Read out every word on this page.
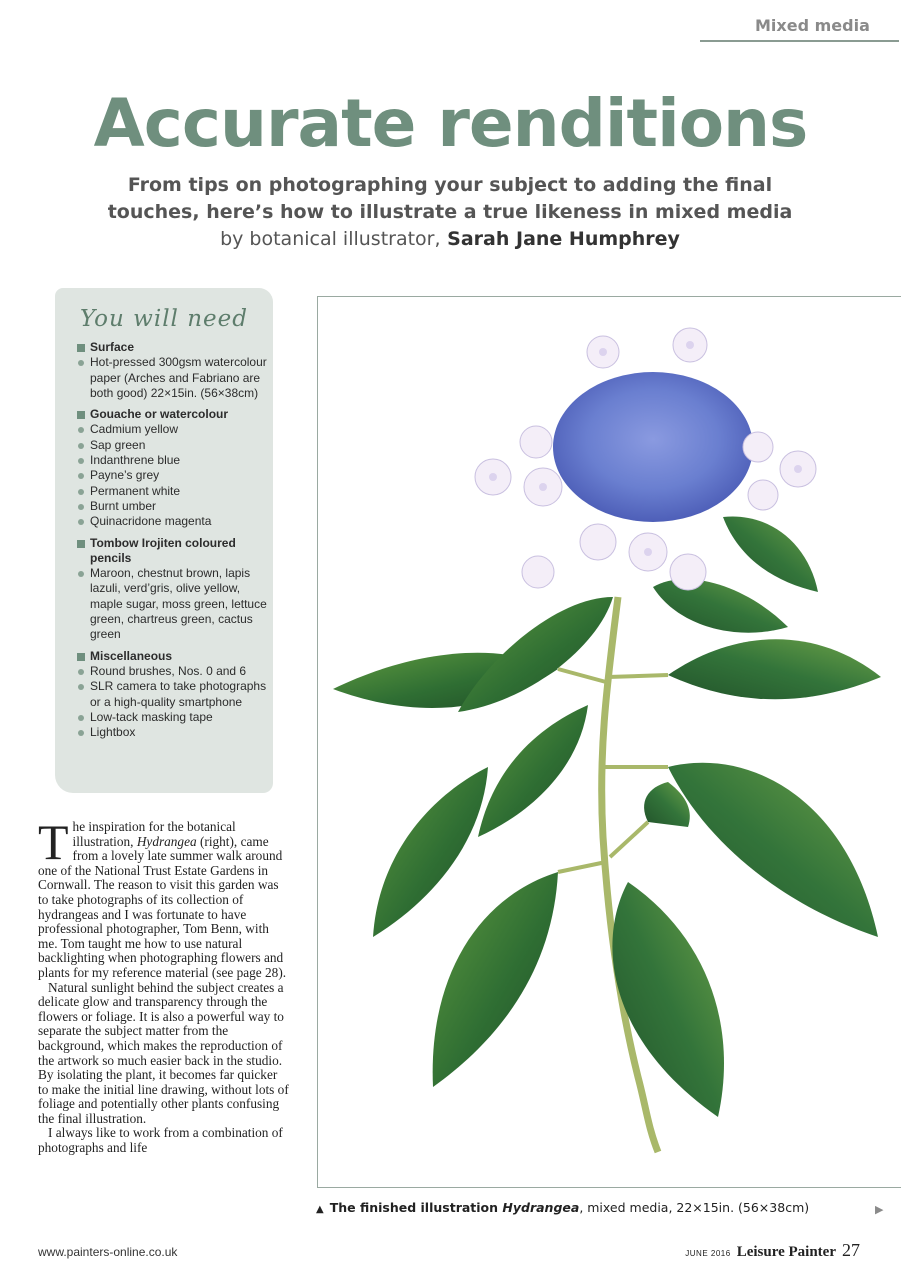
Mixed media
Accurate renditions
From tips on photographing your subject to adding the final
touches, here’s how to illustrate a true likeness in mixed media
by botanical illustrator, Sarah Jane Humphrey
You will need
Surface
Hot-pressed 300gsm watercolour paper (Arches and Fabriano are both good) 22×15in. (56×38cm)
Gouache or watercolour
Cadmium yellow
Sap green
Indanthrene blue
Payne’s grey
Permanent white
Burnt umber
Quinacridone magenta
Tombow Irojiten coloured pencils
Maroon, chestnut brown, lapis lazuli, verd’gris, olive yellow, maple sugar, moss green, lettuce green, chartreus green, cactus green
Miscellaneous
Round brushes, Nos. 0 and 6
SLR camera to take photographs or a high-quality smartphone
Low-tack masking tape
Lightbox

The inspiration for the botanical illustration, Hydrangea (right), came from a lovely late summer walk around one of the National Trust Estate Gardens in Cornwall. The reason to visit this garden was to take photographs of its collection of hydrangeas and I was fortunate to have professional photographer, Tom Benn, with me. Tom taught me how to use natural backlighting when photographing flowers and plants for my reference material (see page 28).

Natural sunlight behind the subject creates a delicate glow and transparency through the flowers or foliage. It is also a powerful way to separate the subject matter from the background, which makes the reproduction of the artwork so much easier back in the studio. By isolating the plant, it becomes far quicker to make the initial line drawing, without lots of foliage and potentially other plants confusing the final illustration.

I always like to work from a combination of photographs and life

▲ The finished illustration Hydrangea, mixed media, 22×15in. (56×38cm)	▶
www.painters-online.co.uk	JUNE 2016 Leisure Painter 27
